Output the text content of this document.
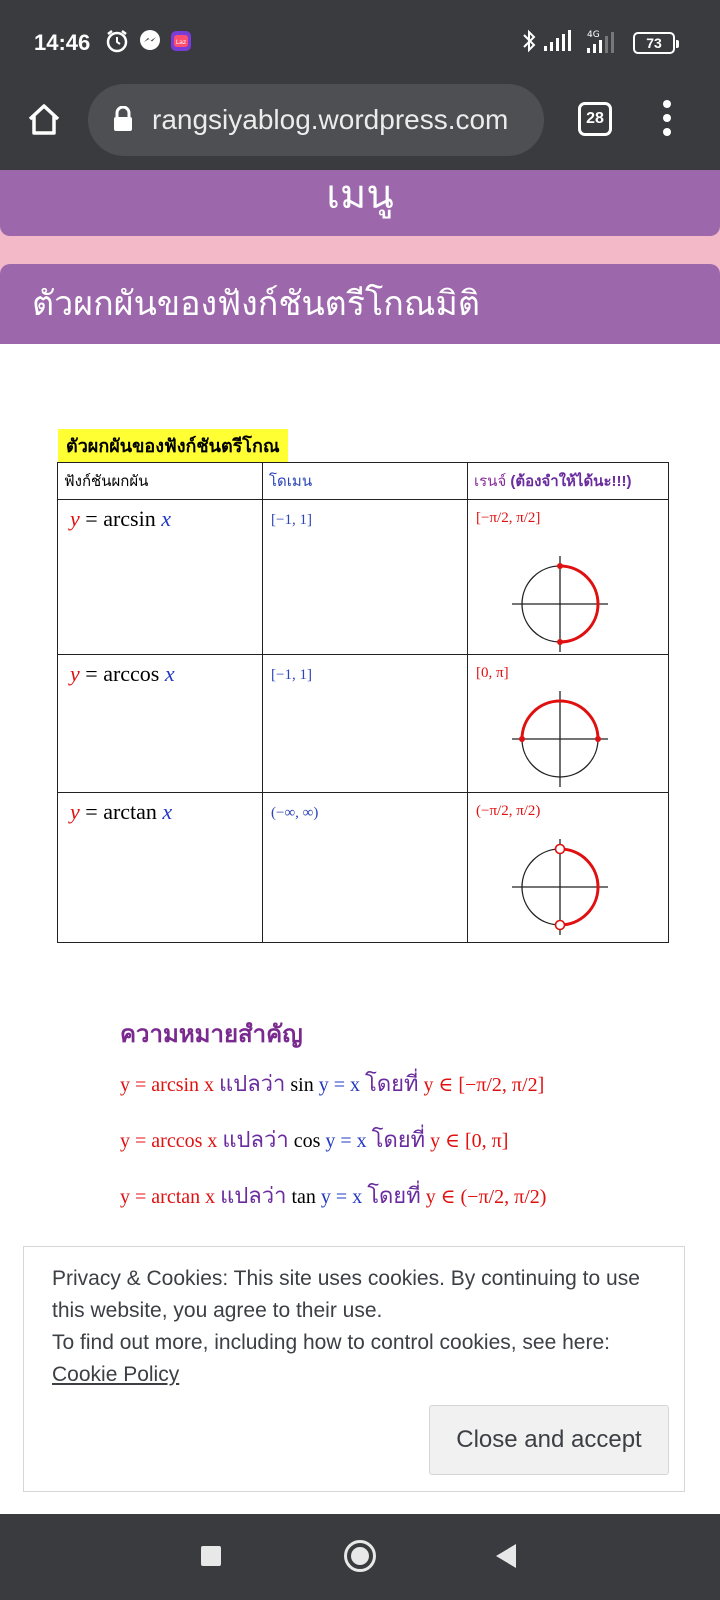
14:46	Laz
4G	73
rangsiyablog.wordpress.com	28
เมนู
ตัวผกผันของฟังก์ชันตรีโกณมิติ
ตัวผกผันของฟังก์ชันตรีโกณ
ฟังก์ชันผกผัน	โดเมน	เรนจ์ (ต้องจำให้ได้นะ!!!)
y = arcsin x	[−1, 1]	[−π/2, π/2]

y = arccos x	[−1, 1]	[0, π]

y = arctan x	(−∞, ∞)	(−π/2, π/2)
ความหมายสำคัญ
y = arcsin x แปลว่า sin y = x โดยที่ y ∈ [−π/2, π/2]
y = arccos x แปลว่า cos y = x โดยที่ y ∈ [0, π]
y = arctan x แปลว่า tan y = x โดยที่ y ∈ (−π/2, π/2)
Privacy & Cookies: This site uses cookies. By continuing to use this website, you agree to their use.
To find out more, including how to control cookies, see here:
Cookie Policy
Close and accept
